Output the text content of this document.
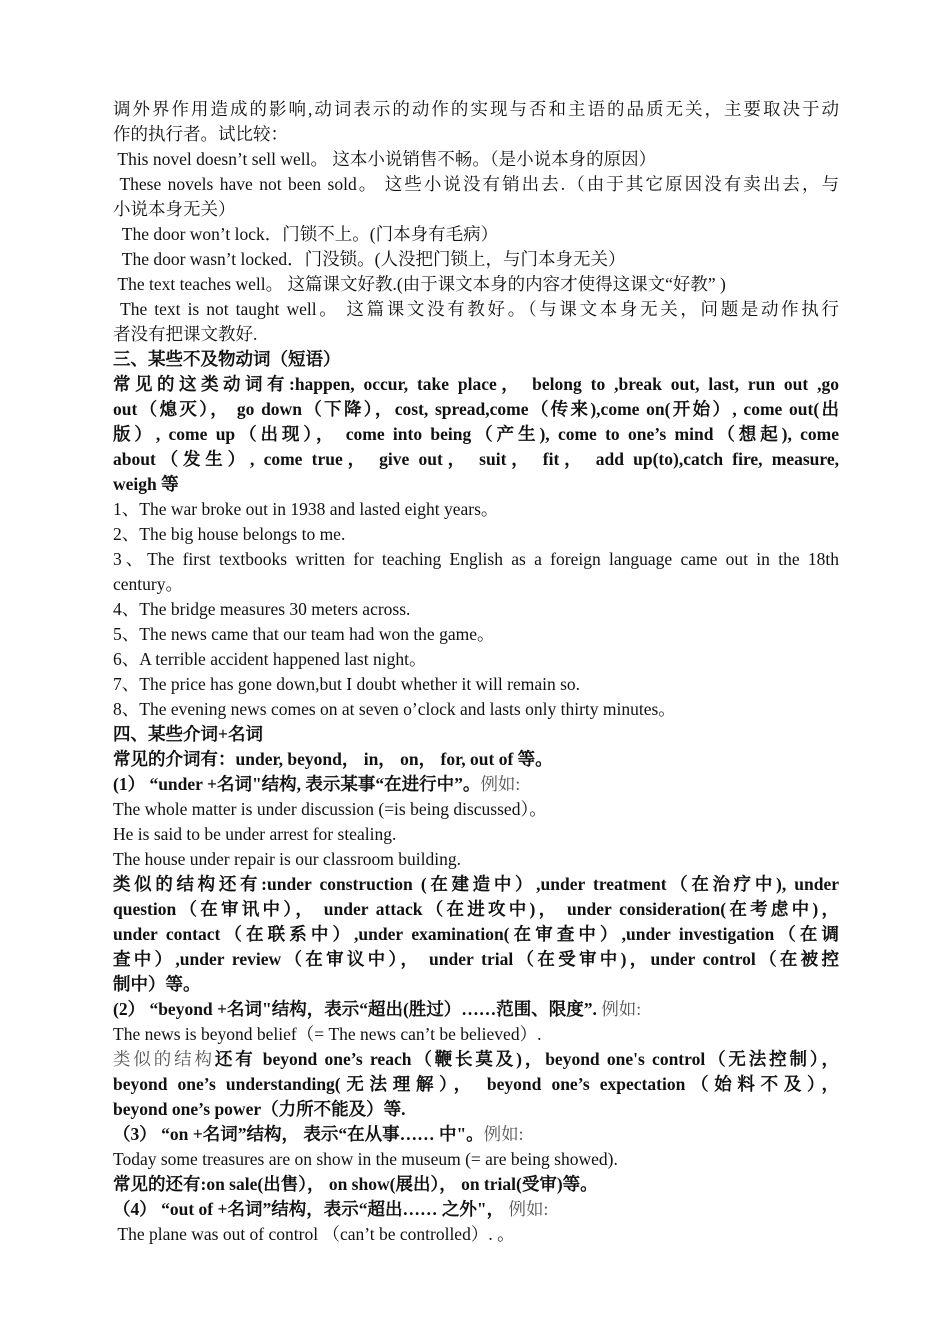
调外界作用造成的影响,动词表示的动作的实现与否和主语的品质无关，主要取决于动
作的执行者。试比较：
This novel doesn’t sell well。 这本小说销售不畅。（是小说本身的原因）
These novels have not been sold。 这些小说没有销出去.（由于其它原因没有卖出去，与
小说本身无关）
The door won’t lock．门锁不上。(门本身有毛病）
The door wasn’t locked．门没锁。(人没把门锁上，与门本身无关）
The text teaches well。 这篇课文好教.(由于课文本身的内容才使得这课文“好教” )
The text is not taught well。 这篇课文没有教好。（与课文本身无关，问题是动作执行
者没有把课文教好.
三、某些不及物动词（短语）
常见的这类动词有:happen, occur, take place， belong to ,break out, last, run out ,go
out（熄灭）， go down（下降），cost, spread,come（传来),come on(开始）, come out(出
版）, come up（出现）， come into being（产生), come to one’s mind（想起), come
about（发生）, come true， give out， suit， fit， add up(to),catch fire, measure,
weigh 等
1、The war broke out in 1938 and lasted eight years。
2、The big house belongs to me.
3、The first textbooks written for teaching English as a foreign language came out in the 18th
century。
4、The bridge measures 30 meters across.
5、The news came that our team had won the game。
6、A terrible accident happened last night。
7、The price has gone down,but I doubt whether it will remain so.
8、The evening news comes on at seven o’clock and lasts only thirty minutes。
四、某些介词+名词
常见的介词有：under, beyond， in， on， for, out of 等。
(1） “under +名词"结构, 表示某事“在进行中”。例如:
The whole matter is under discussion (=is being discussed）。
He is said to be under arrest for stealing.
The house under repair is our classroom building.
类似的结构还有:under construction (在建造中）,under treatment（在治疗中), under
question（在审讯中）， under attack（在进攻中)， under consideration(在考虑中)，
under contact（在联系中）,under examination(在审查中）,under investigation（在调
查中）,under review（在审议中）， under trial（在受审中)，under control（在被控
制中）等。
(2） “beyond +名词"结构，表示“超出(胜过）……范围、限度”. 例如:
The news is beyond belief（= The news can’t be believed）.
类似的结构还有 beyond one’s reach（鞭长莫及)，beyond one's control（无法控制），
beyond one’s understanding(无法理解）， beyond one’s expectation（始料不及），
beyond one’s power（力所不能及）等.
（3） “on +名词”结构， 表示“在从事…… 中"。例如:
Today some treasures are on show in the museum (= are being showed).
常见的还有:on sale(出售）， on show(展出）， on trial(受审)等。
（4） “out of +名词”结构，表示“超出…… 之外"， 例如:
The plane was out of control （can’t be controlled）. 。
